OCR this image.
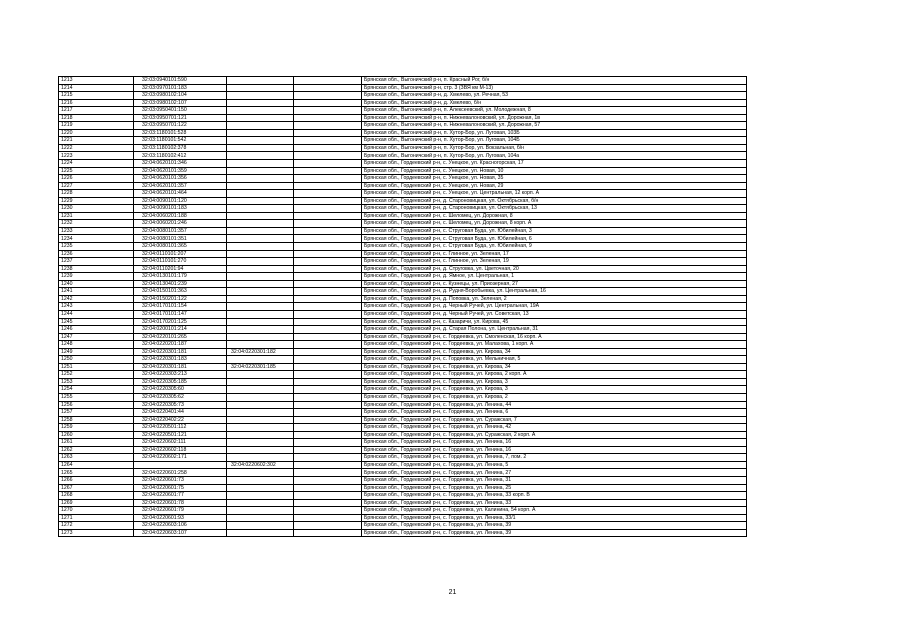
1213	32:03:0940101:590			Брянская обл., Выгоничский р-н, п. Красный Рог, б/н
1214	32:03:0970101:183			Брянская обл., Выгоничский р-н, стр. 3 (ЗВЯ км М-13)
1215	32:03:0980102:104			Брянская обл., Выгоничский р-н, д. Хмелево, ул. Речная, 53
1216	32:03:0980102:107			Брянская обл., Выгоничский р-н, д. Хмелево, б/н
1217	32:03:0950401:150			Брянская обл., Выгоничский р-н, п. Алексеевский, ул. Молодежная, 8
1218	32:03:0950701:121			Брянская обл., Выгоничский р-н, п. Нижневалоновский, ул. Дорожная, 1в
1219	32:03:0950701:122			Брянская обл., Выгоничский р-н, п. Нижневалоновский, ул. Дорожная, 57
1220	32:03:1180101:528			Брянская обл., Выгоничский р-н, п. Хутор-Бор, ул. Луговая, 103Б
1221	32:03:1180101:542			Брянская обл., Выгоничский р-н, п. Хутор-Бор, ул. Луговая, 104Б
1222	32:03:1180102:378			Брянская обл., Выгоничский р-н, п. Хутор-Бор, ул. Вокзальная, б/н
1223	32:03:1180102:412			Брянская обл., Выгоничский р-н, п. Хутор-Бор, ул. Луговая, 104а
1224	32:04:0620101:346			Брянская обл., Гордеевский р-н, с. Унецкое, ул. Красногорская, 17
1225	32:04:0620101:359			Брянская обл., Гордеевский р-н, с. Унецкое, ул. Новая, 10
1226	32:04:0620101:356			Брянская обл., Гордеевский р-н, с. Унецкое, ул. Новая, 35
1227	32:04:0620101:357			Брянская обл., Гордеевский р-н, с. Унецкое, ул. Новая, 29
1228	32:04:0620101:464			Брянская обл., Гордеевский р-н, с. Унецкое, ул. Центральная, 12 корп. А
1229	32:04:0090101:120			Брянская обл., Гордеевский р-н, д. Староновицкая, ул. Октябрьская, б/н
1230	32:04:0090101:183			Брянская обл., Гордеевский р-н, д. Староновицкая, ул. Октябрьская, 13
1231	32:04:0060201:188			Брянская обл., Гордеевский р-н, с. Шеломец, ул. Дорожная, 8
1232	32:04:0060201:246			Брянская обл., Гордеевский р-н, с. Шеломец, ул. Дорожная, 8 корп. А
1233	32:04:0080101:357			Брянская обл., Гордеевский р-н, с. Струговая Буда, ул. Юбилейная, 3
1234	32:04:0080101:351			Брянская обл., Гордеевский р-н, с. Струговая Буда, ул. Юбилейная, 6
1235	32:04:0080101:365			Брянская обл., Гордеевский р-н, с. Струговая Буда, ул. Юбилейная, 9
1236	32:04:0110101:207			Брянская обл., Гордеевский р-н, с. Глинное, ул. Зеленая, 17
1237	32:04:0110101:270			Брянская обл., Гордеевский р-н, с. Глинное, ул. Зеленая, 19
1238	32:04:0110201:94			Брянская обл., Гордеевский р-н, д. Струговка, ул. Цветочная, 20
1239	32:04:0130101:179			Брянская обл., Гордеевский р-н, д. Ямное, ул. Центральная, 1
1240	32:04:0130401:239			Брянская обл., Гордеевский р-н, с. Кузнецы, ул. Приозерная, 27
1241	32:04:0150101:363			Брянская обл., Гордеевский р-н, д. Рудня-Воробьевка, ул. Центральная, 16
1242	32:04:0150201:122			Брянская обл., Гордеевский р-н, д. Поповка, ул. Зеленая, 2
1243	32:04:0170101:154			Брянская обл., Гордеевский р-н, д. Черный Ручей, ул. Центральная, 19А
1244	32:04:0170101:147			Брянская обл., Гордеевский р-н, д. Черный Ручей, ул. Советская, 13
1245	32:04:0170201:125			Брянская обл., Гордеевский р-н, с. Казаричи, ул. Кирова, 45
1246	32:04:0200101:214			Брянская обл., Гордеевский р-н, д. Старая Полона, ул. Центральная, 31
1247	32:04:0220101:265			Брянская обл., Гордеевский р-н, с. Гордеевка, ул. Смоленская, 16 корп. А
1248	32:04:0220201:187			Брянская обл., Гордеевский р-н, с. Гордеевка, ул. Малахова, 1 корп. А
1249	32:04:0220301:181	32:04:0220301:182		Брянская обл., Гордеевский р-н, с. Гордеевка, ул. Кирова, 34
1250	32:04:0220301:183			Брянская обл., Гордеевский р-н, с. Гордеевка, ул. Мельничная, 5
1251	32:04:0220301:181	32:04:0220301:185		Брянская обл., Гордеевский р-н, с. Гордеевка, ул. Кирова, 34
1252	32:04:0220303:213			Брянская обл., Гордеевский р-н, с. Гордеевка, ул. Кирова, 2 корп. А
1253	32:04:0220305:185			Брянская обл., Гордеевский р-н, с. Гордеевка, ул. Кирова, 3
1254	32:04:0220305:60			Брянская обл., Гордеевский р-н, с. Гордеевка, ул. Кирова, 3
1255	32:04:0220305:62			Брянская обл., Гордеевский р-н, с. Гордеевка, ул. Кирова, 2
1256	32:04:0220305:73			Брянская обл., Гордеевский р-н, с. Гордеевка, ул. Ленина, 44
1257	32:04:0220401:44			Брянская обл., Гордеевский р-н, с. Гордеевка, ул. Ленина, 6
1258	32:04:0220402:22			Брянская обл., Гордеевский р-н, с. Гордеевка, ул. Суражская, 7
1259	32:04:0220501:112			Брянская обл., Гордеевский р-н, с. Гордеевка, ул. Ленина, 42
1260	32:04:0220501:121			Брянская обл., Гордеевский р-н, с. Гордеевка, ул. Суражская, 2 корп. А
1261	32:04:0220602:111			Брянская обл., Гордеевский р-н, с. Гордеевка, ул. Ленина, 16
1262	32:04:0220602:118			Брянская обл., Гордеевский р-н, с. Гордеевка, ул. Ленина, 16
1263	32:04:0220602:171			Брянская обл., Гордеевский р-н, с. Гордеевка, ул. Ленина, 7, пом. 2
1264		32:04:0220602:302		Брянская обл., Гордеевский р-н, с. Гордеевка, ул. Ленина, 5
1265	32:04:0220601:258			Брянская обл., Гордеевский р-н, с. Гордеевка, ул. Ленина, 27
1266	32:04:0220601:73			Брянская обл., Гордеевский р-н, с. Гордеевка, ул. Ленина, 31
1267	32:04:0220601:75			Брянская обл., Гордеевский р-н, с. Гордеевка, ул. Ленина, 25
1268	32:04:0220601:77			Брянская обл., Гордеевский р-н, с. Гордеевка, ул. Ленина, 33 корп. В
1269	32:04:0220601:78			Брянская обл., Гордеевский р-н, с. Гордеевка, ул. Ленина, 33
1270	32:04:0220601:79			Брянская обл., Гордеевский р-н, с. Гордеевка, ул. Калинина, 54 корп. А
1271	32:04:0220601:93			Брянская обл., Гордеевский р-н, с. Гордеевка, ул. Ленина, 33/1
1272	32:04:0220603:106			Брянская обл., Гордеевский р-н, с. Гордеевка, ул. Ленина, 39
1273	32:04:0220603:107			Брянская обл., Гордеевский р-н, с. Гордеевка, ул. Ленина, 39
21
